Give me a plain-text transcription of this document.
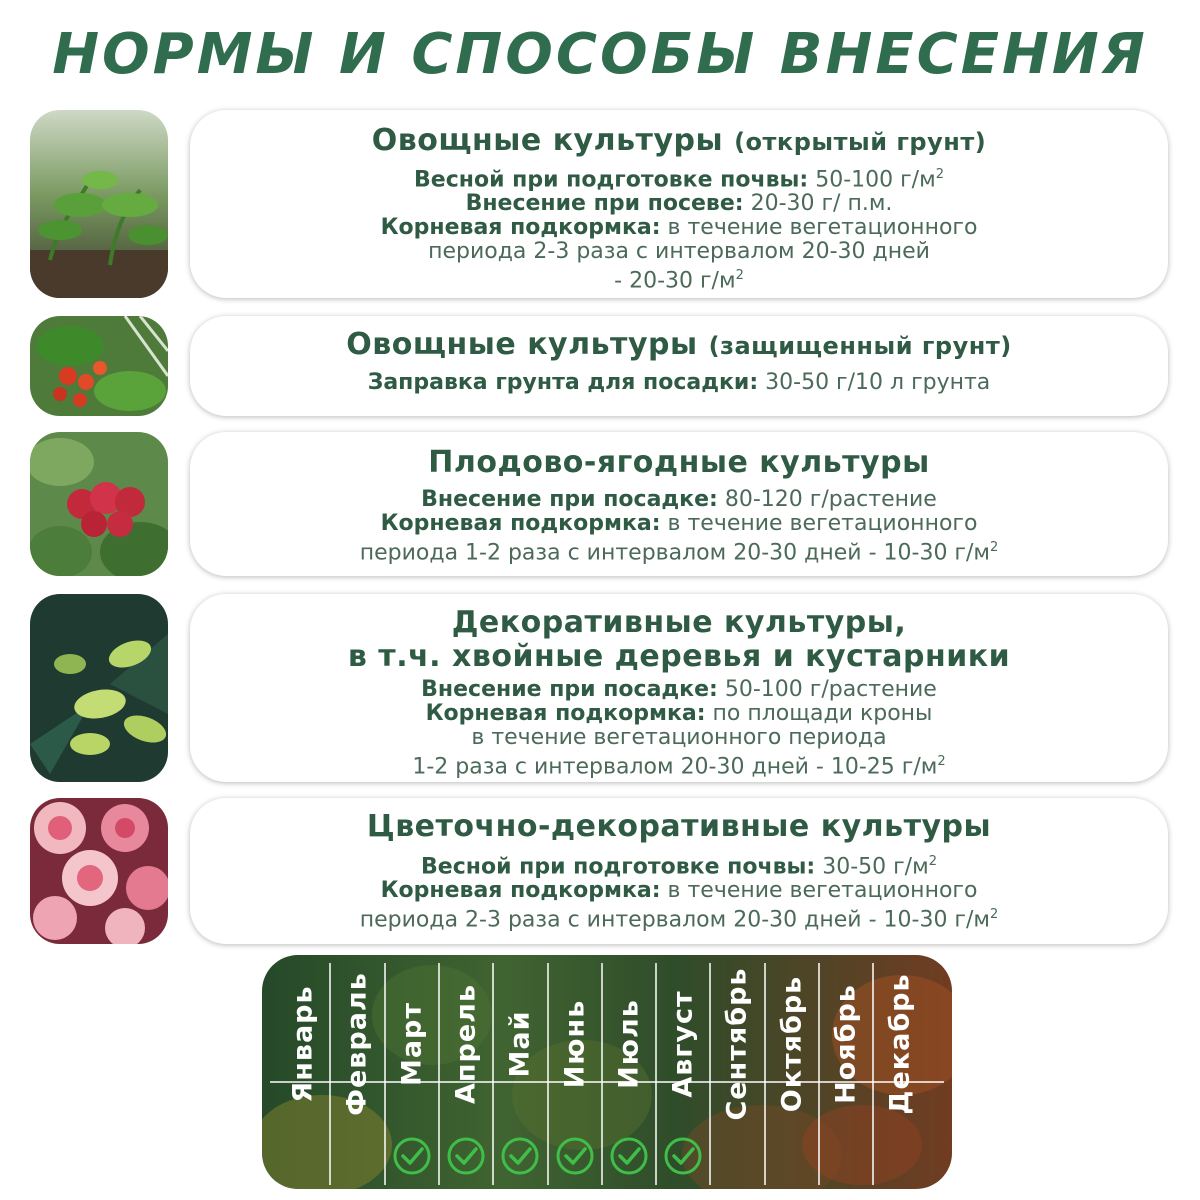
НОРМЫ И СПОСОБЫ ВНЕСЕНИЯ
Овощные культуры (открытый грунт)
Весной при подготовке почвы: 50-100 $г/м^2$
Внесение при посеве: 20-30 г/ п.м.
Корневая подкормка: в течение вегетационного
периода 2-3 раза с интервалом 20-30 дней
- 20-30 $г/м^2$
Овощные культуры (защищенный грунт)
Заправка грунта для посадки: 30-50 г/10 л грунта
Плодово-ягодные культуры
Внесение при посадке: 80-120 г/растение
Корневая подкормка: в течение вегетационного
периода 1-2 раза с интервалом 20-30 дней - 10-30 $г/м^2$
Декоративные культуры,
в т.ч. хвойные деревья и кустарники
Внесение при посадке: 50-100 г/растение
Корневая подкормка: по площади кроны
в течение вегетационного периода
1-2 раза с интервалом 20-30 дней - 10-25 $г/м^2$
Цветочно-декоративные культуры
Весной при подготовке почвы: 30-50 $г/м^2$
Корневая подкормка: в течение вегетационного
периода 2-3 раза с интервалом 20-30 дней - 10-30 $г/м^2$
Январь Февраль Март Апрель Май Июнь Июль Август Сентябрь Октябрь Ноябрь Декабрь
